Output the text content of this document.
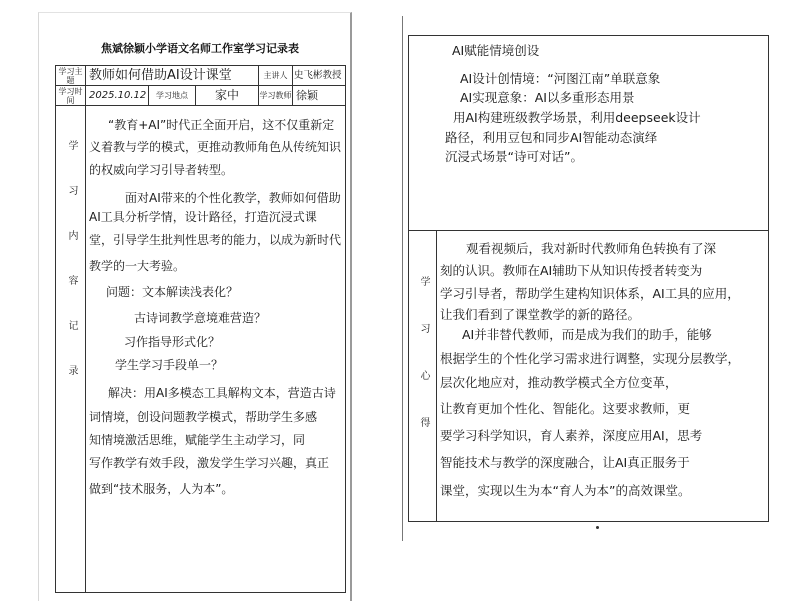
焦斌徐颖小学语文名师工作室学习记录表
学习主题	教师如何借助AI设计课堂	主讲人 史飞彬教授
学习时间	2025.10.12	学习地点	家中	学习教师 徐颖
学习内容记录
“教育+AI”时代正全面开启，这不仅重新定
义着教与学的模式，更推动教师角色从传统知识
的权威向学习引导者转型。
面对AI带来的个性化教学，教师如何借助
AI工具分析学情，设计路径，打造沉浸式课
堂，引导学生批判性思考的能力，以成为新时代
教学的一大考验。
问题：文本解读浅表化？
古诗词教学意境难营造？
习作指导形式化？
学生学习手段单一？
解决：用AI多模态工具解构文本，营造古诗
词情境，创设问题教学模式，帮助学生多感
知情境激活思维，赋能学生主动学习，同
写作教学有效手段，激发学生学习兴趣，真正
做到“技术服务，人为本”。
AI赋能情境创设
AI设计创情境：“河图江南”单联意象
AI实现意象：AI以多重形态用景
用AI构建班级教学场景，利用deepseek设计
路径，利用豆包和同步AI智能动态演绎
沉浸式场景“诗可对话”。
学习心得
观看视频后，我对新时代教师角色转换有了深
刻的认识。教师在AI辅助下从知识传授者转变为
学习引导者，帮助学生建构知识体系，AI工具的应用，
让我们看到了课堂教学的新的路径。
AI并非替代教师，而是成为我们的助手，能够
根据学生的个性化学习需求进行调整，实现分层教学，
层次化地应对，推动教学模式全方位变革，
让教育更加个性化、智能化。这要求教师，更
要学习科学知识，育人素养，深度应用AI，思考
智能技术与教学的深度融合，让AI真正服务于
课堂，实现以生为本“育人为本”的高效课堂。
